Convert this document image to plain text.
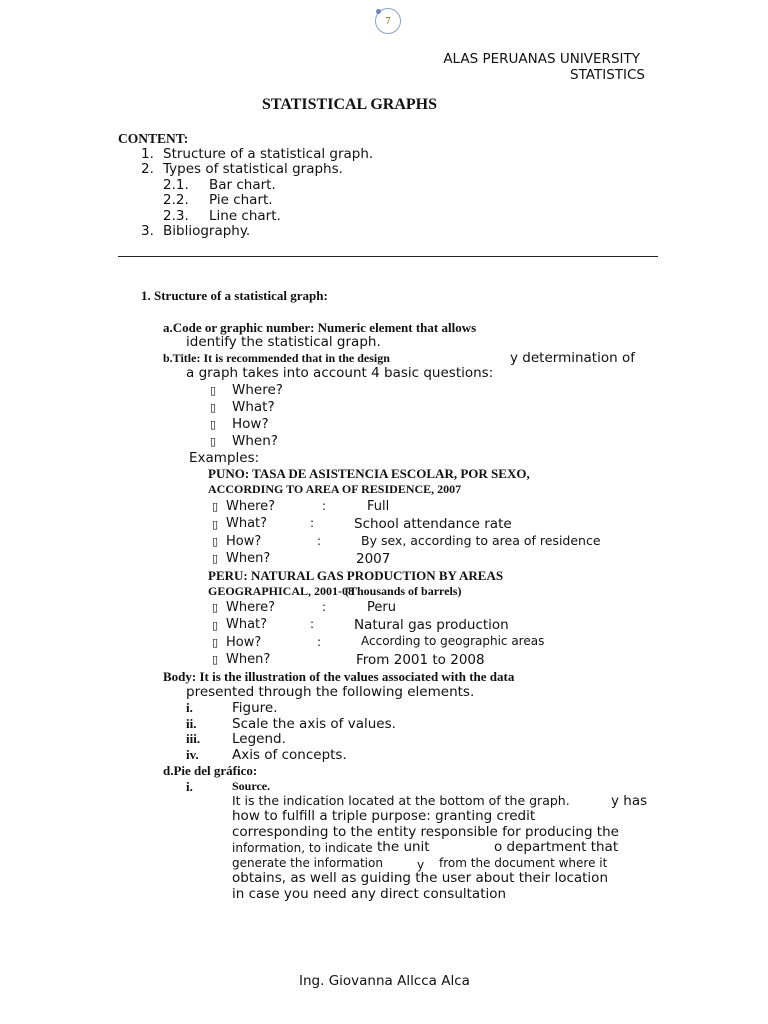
7
ALAS PERUANAS UNIVERSITY
STATISTICS
STATISTICAL GRAPHS
CONTENT:
1. Structure of a statistical graph.
2. Types of statistical graphs.
2.1. Bar chart.
2.2. Pie chart.
2.3. Line chart.
3. Bibliography.
1. Structure of a statistical graph:
a.Code or graphic number: Numeric element that allows
identify the statistical graph.
b.Title: It is recommended that in the design	y determination of
a graph takes into account 4 basic questions:
▯ Where?
▯ What?
▯ How?
▯ When?
Examples:
PUNO: TASA DE ASISTENCIA ESCOLAR, POR SEXO,
ACCORDING TO AREA OF RESIDENCE, 2007
▯ Where?	:	Full
▯ What?	:	School attendance rate
▯ How?	:	By sex, according to area of residence
▯ When?	2007
PERU: NATURAL GAS PRODUCTION BY AREAS
GEOGRAPHICAL, 2001-08
(Thousands of barrels)
▯ Where?	:	Peru
▯ What?	:	Natural gas production
▯ How?	:	According to geographic areas
▯ When?	From 2001 to 2008
Body: It is the illustration of the values associated with the data
presented through the following elements.
i.	Figure.
ii.	Scale the axis of values.
iii. Legend.
iv. Axis of concepts.
d.Pie del gráfico:
i.	Source.
It is the indication located at the bottom of the graph.	y has
how to fulfill a triple purpose: granting credit
corresponding to the entity responsible for producing the
information, to indicate the unit	o department that
generate the information	y from the document where it
obtains, as well as guiding the user about their location
in case you need any direct consultation
Ing. Giovanna Allcca Alca
